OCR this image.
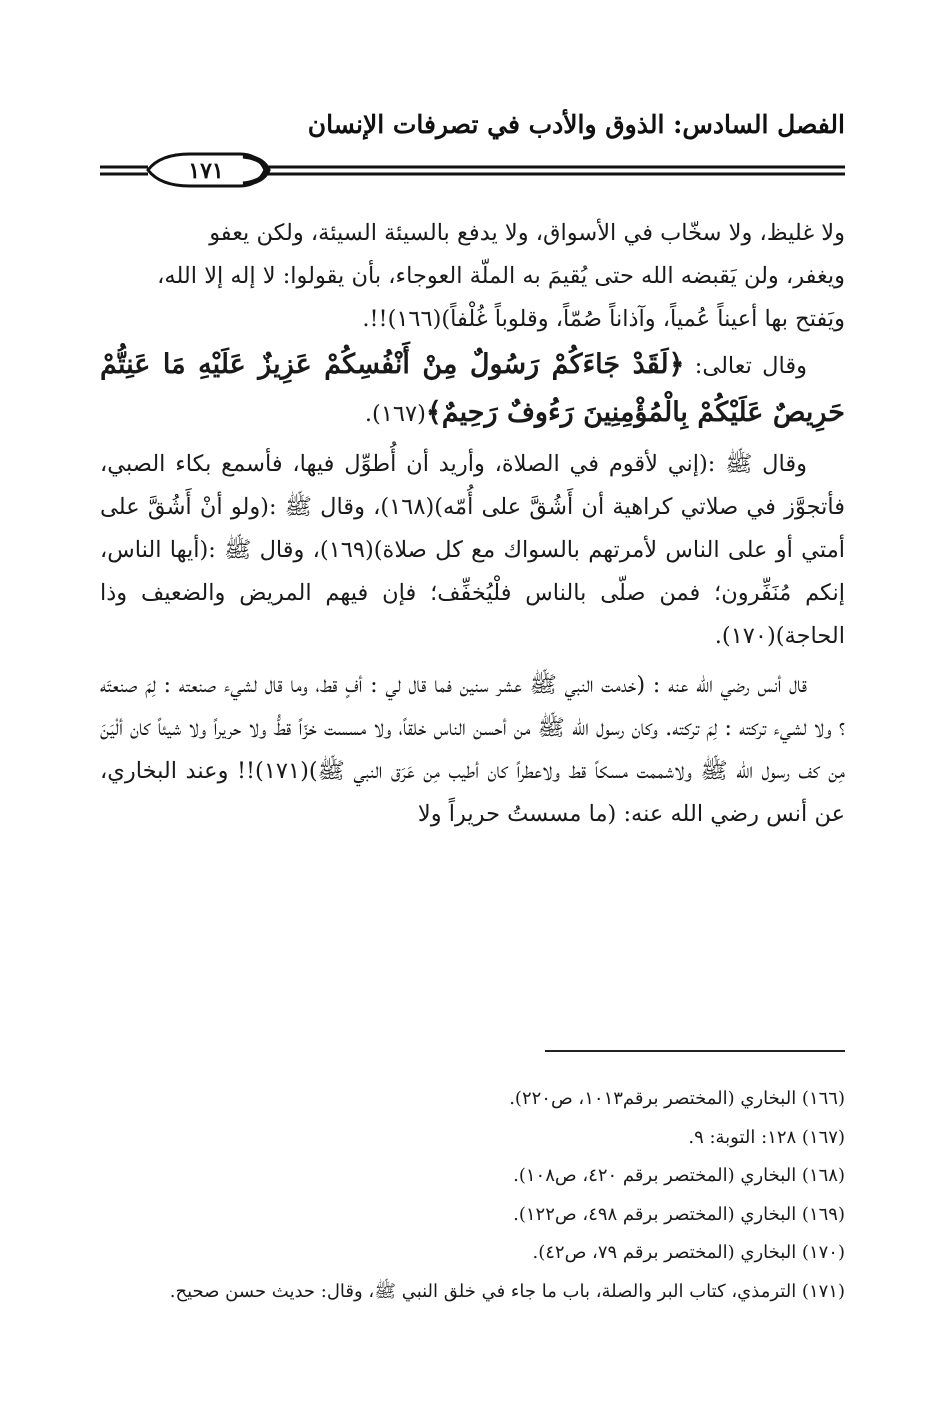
الفصل السادس: الذوق والأدب في تصرفات الإنسان
١٧١

ولا غليظ، ولا سخّاب في الأسواق، ولا يدفع بالسيئة السيئة، ولكن يعفو

ويغفر، ولن يَقبضه الله حتى يُقيمَ به الملّة العوجاء، بأن يقولوا: لا إله إلا الله،

ويَفتح بها أعيناً عُمياً، وآذاناً صُمّاً، وقلوباً غُلْفاً)(١٦٦)!!.

وقال تعالى: ﴿لَقَدْ جَاءَكُمْ رَسُولٌ مِنْ أَنْفُسِكُمْ عَزِيزٌ عَلَيْهِ مَا عَنِتُّمْ حَرِيصٌ عَلَيْكُمْ بِالْمُؤْمِنِينَ رَءُوفٌ رَحِيمٌ﴾(١٦٧).

وقال ﷺ :(إني لأقوم في الصلاة، وأريد أن أُطوِّل فيها، فأسمع بكاء الصبي، فأتجوَّز في صلاتي كراهية أن أَشُقَّ على أُمّه)(١٦٨)، وقال ﷺ :(ولو أنْ أَشُقَّ على أمتي أو على الناس لأمرتهم بالسواك مع كل صلاة)(١٦٩)، وقال ﷺ :(أيها الناس، إنكم مُنَفِّرون؛ فمن صلّى بالناس فلْيُخفِّف؛ فإن فيهم المريض والضعيف وذا الحاجة)(١٧٠).

قال أنس رضي الله عنه : (خدمت النبي ﷺ عشر سنين فما قال لي : أفٍ قط، وما قال لشيء صنعته : لِمَ صنعتَه ؟ ولا لشيء تركته : لِمَ تركته. وكان رسول الله ﷺ من أحسن الناس خلقاً، ولا مسست خزّاً قطُّ ولا حريراً ولا شيئاً كان ألْيَنَ مِن كف رسول الله ﷺ ولاشممت مسكاً قط ولاعطراً كان أطيب مِن عَرَق النبي ﷺ)(١٧١)!! وعند البخاري، عن أنس رضي الله عنه: (ما مسستُ حريراً ولا

(١٦٦) البخاري (المختصر برقم١٠١٣، ص٢٢٠).
(١٦٧) ١٢٨: التوبة: ٩.
(١٦٨) البخاري (المختصر برقم ٤٢٠، ص١٠٨).
(١٦٩) البخاري (المختصر برقم ٤٩٨، ص١٢٢).
(١٧٠) البخاري (المختصر برقم ٧٩، ص٤٢).
(١٧١) الترمذي، كتاب البر والصلة، باب ما جاء في خلق النبي ﷺ، وقال: حديث حسن صحيح.
